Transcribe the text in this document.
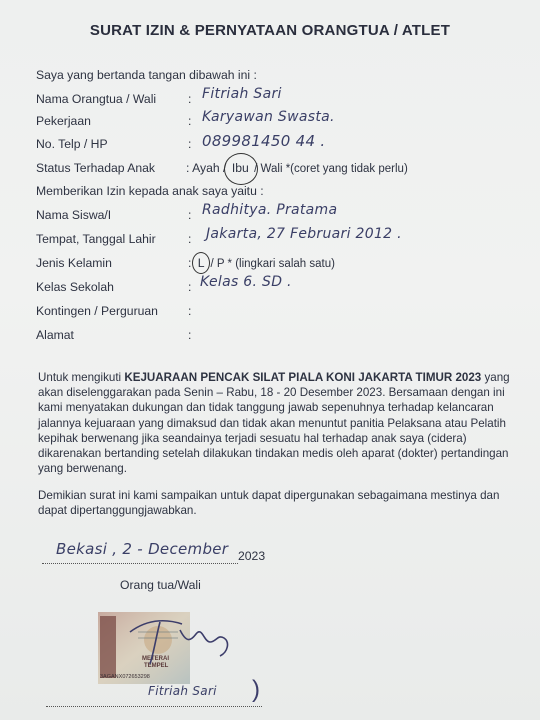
SURAT IZIN & PERNYATAAN ORANGTUA / ATLET
Saya yang bertanda tangan dibawah ini :
Nama Orangtua / Wali	: Fitriah Sari
Pekerjaan	: Karyawan Swasta.
No. Telp / HP	: 089981450 44 .
Status Terhadap Anak	: Ayah / Ibu / Wali *(coret yang tidak perlu)
Memberikan Izin kepada anak saya yaitu :
Nama Siswa/I	: Radhitya. Pratama
Tempat, Tanggal Lahir	: Jakarta, 27 Februari 2012 .
Jenis Kelamin	: L / P * (lingkari salah satu)
Kelas Sekolah	: Kelas 6. SD .
Kontingen / Perguruan :
Alamat	:
Untuk mengikuti KEJUARAAN PENCAK SILAT PIALA KONI JAKARTA TIMUR 2023 yang akan diselenggarakan pada Senin – Rabu, 18 - 20 Desember 2023. Bersamaan dengan ini kami menyatakan dukungan dan tidak tanggung jawab sepenuhnya terhadap kelancaran jalannya kejuaraan yang dimaksud dan tidak akan menuntut panitia Pelaksana atau Pelatih kepihak berwenang jika seandainya terjadi sesuatu hal terhadap anak saya (cidera) dikarenakan bertanding setelah dilakukan tindakan medis oleh aparat (dokter) pertandingan yang berwenang.
Demikian surat ini kami sampaikan untuk dapat dipergunakan sebagaimana mestinya dan dapat dipertanggungjawabkan.
Bekasi , 2 - December 2023
Orang tua/Wali
METERAI
TEMPEL
3AGANX072653298
Fitriah Sari )
